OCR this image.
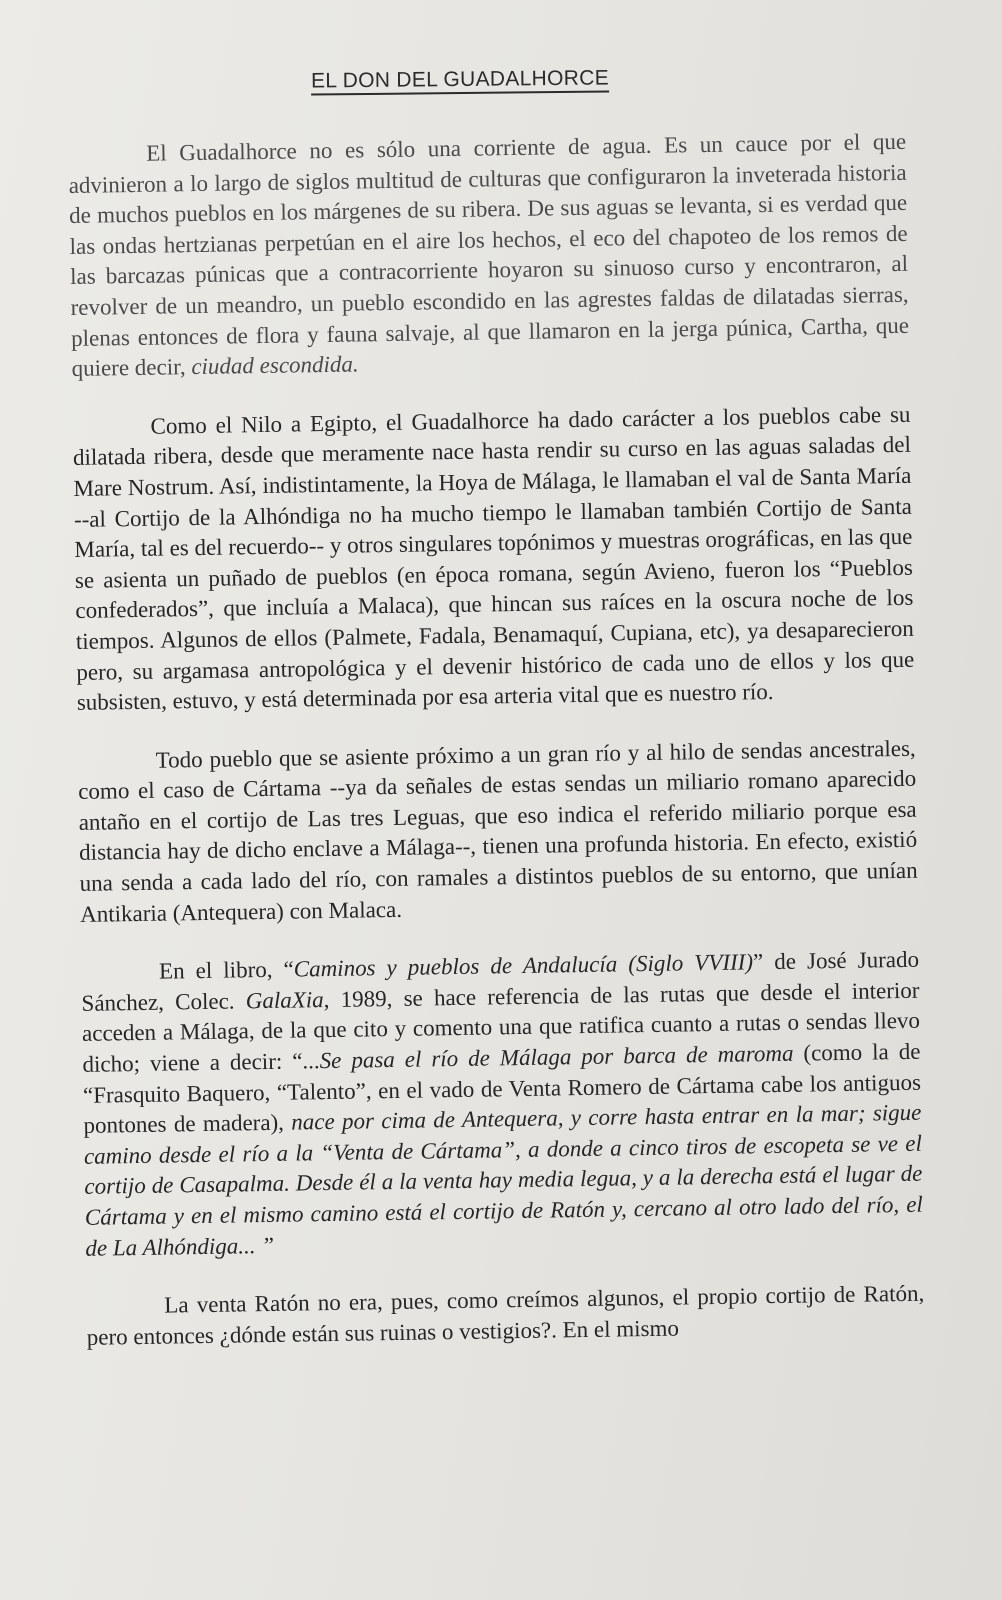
EL DON DEL GUADALHORCE

El Guadalhorce no es sólo una corriente de agua. Es un cauce por el que advinieron a lo largo de siglos multitud de culturas que configuraron la inveterada historia de muchos pueblos en los márgenes de su ribera. De sus aguas se levanta, si es verdad que las ondas hertzianas perpetúan en el aire los hechos, el eco del chapoteo de los remos de las barcazas púnicas que a contracorriente hoyaron su sinuoso curso y encontraron, al revolver de un meandro, un pueblo escondido en las agrestes faldas de dilatadas sierras, plenas entonces de flora y fauna salvaje, al que llamaron en la jerga púnica, Cartha, que quiere decir, ciudad escondida.

Como el Nilo a Egipto, el Guadalhorce ha dado carácter a los pueblos cabe su dilatada ribera, desde que meramente nace hasta rendir su curso en las aguas saladas del Mare Nostrum. Así, indistintamente, la Hoya de Málaga, le llamaban el val de Santa María --al Cortijo de la Alhóndiga no ha mucho tiempo le llamaban también Cortijo de Santa María, tal es del recuerdo-- y otros singulares topónimos y muestras orográficas, en las que se asienta un puñado de pueblos (en época romana, según Avieno, fueron los “Pueblos confederados”, que incluía a Malaca), que hincan sus raíces en la oscura noche de los tiempos. Algunos de ellos (Palmete, Fadala, Benamaquí, Cupiana, etc), ya desaparecieron pero, su argamasa antropológica y el devenir histórico de cada uno de ellos y los que subsisten, estuvo, y está determinada por esa arteria vital que es nuestro río.

Todo pueblo que se asiente próximo a un gran río y al hilo de sendas ancestrales, como el caso de Cártama --ya da señales de estas sendas un miliario romano aparecido antaño en el cortijo de Las tres Leguas, que eso indica el referido miliario porque esa distancia hay de dicho enclave a Málaga--, tienen una profunda historia. En efecto, existió una senda a cada lado del río, con ramales a distintos pueblos de su entorno, que unían Antikaria (Antequera) con Malaca.

En el libro, “Caminos y pueblos de Andalucía (Siglo VVIII)” de José Jurado Sánchez, Colec. GalaXia, 1989, se hace referencia de las rutas que desde el interior acceden a Málaga, de la que cito y comento una que ratifica cuanto a rutas o sendas llevo dicho; viene a decir: “...Se pasa el río de Málaga por barca de maroma (como la de “Frasquito Baquero, “Talento”, en el vado de Venta Romero de Cártama cabe los antiguos pontones de madera), nace por cima de Antequera, y corre hasta entrar en la mar; sigue camino desde el río a la “Venta de Cártama”, a donde a cinco tiros de escopeta se ve el cortijo de Casapalma. Desde él a la venta hay media legua, y a la derecha está el lugar de Cártama y en el mismo camino está el cortijo de Ratón y, cercano al otro lado del río, el de La Alhóndiga... ”

La venta Ratón no era, pues, como creímos algunos, el propio cortijo de Ratón, pero entonces ¿dónde están sus ruinas o vestigios?. En el mismo
